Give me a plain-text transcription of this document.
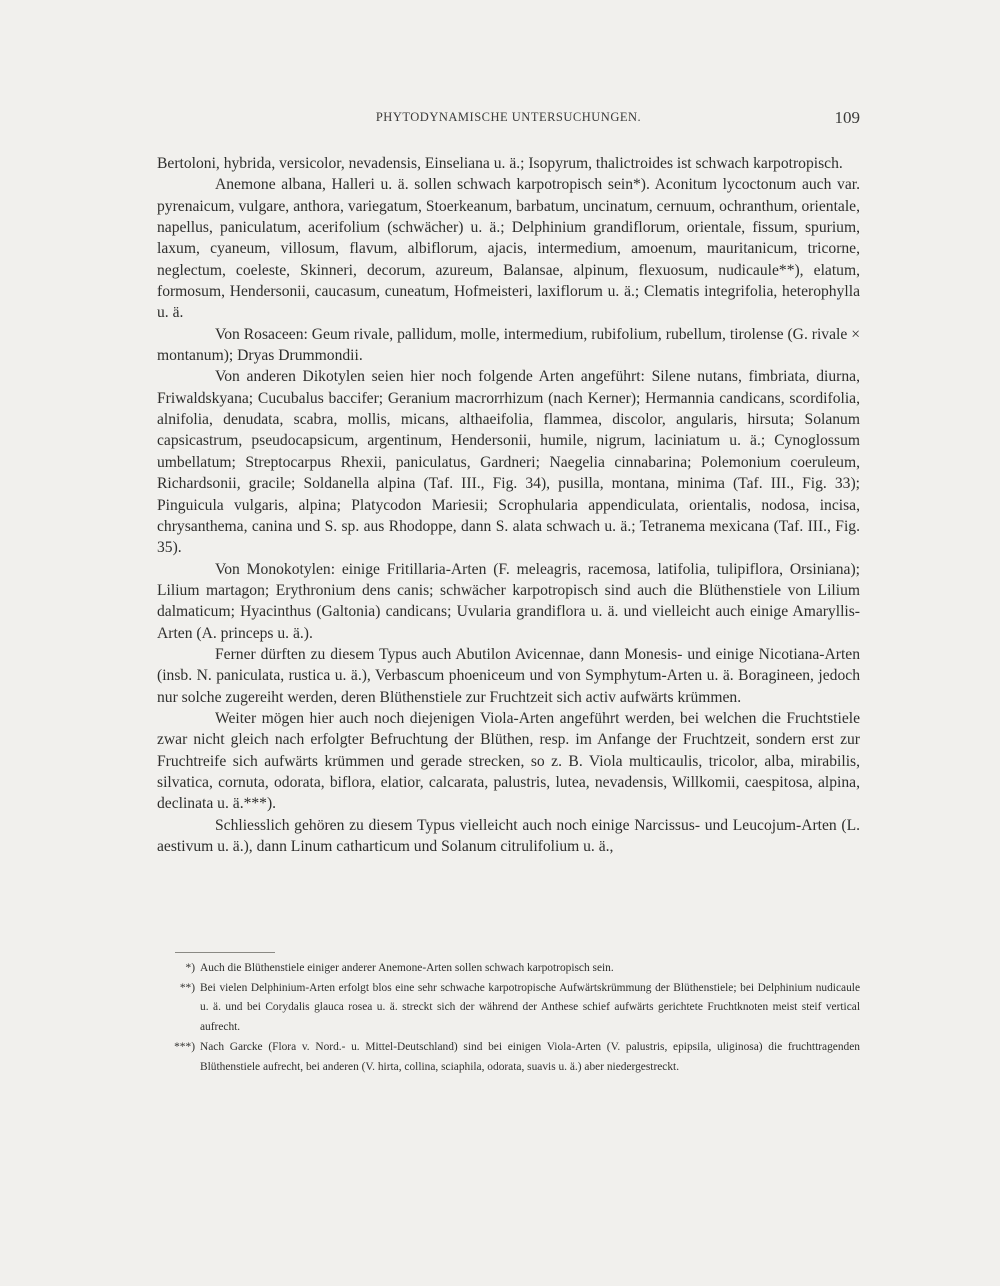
PHYTODYNAMISCHE UNTERSUCHUNGEN.	109

Bertoloni, hybrida, versicolor, nevadensis, Einseliana u. ä.; Isopyrum, thalictroides ist schwach karpotropisch.

Anemone albana, Halleri u. ä. sollen schwach karpotropisch sein*). Aconitum lycoctonum auch var. pyrenaicum, vulgare, anthora, variegatum, Stoerkeanum, barbatum, uncinatum, cernuum, ochranthum, orientale, napellus, paniculatum, acerifolium (schwächer) u. ä.; Delphinium grandiflorum, orientale, fissum, spurium, laxum, cyaneum, villosum, flavum, albiflorum, ajacis, intermedium, amoenum, mauritanicum, tricorne, neglectum, coeleste, Skinneri, decorum, azureum, Balansae, alpinum, flexuosum, nudicaule**), elatum, formosum, Hendersonii, caucasum, cuneatum, Hofmeisteri, laxiflorum u. ä.; Clematis integrifolia, heterophylla u. ä.

Von Rosaceen: Geum rivale, pallidum, molle, intermedium, rubifolium, rubellum, tirolense (G. rivale × montanum); Dryas Drummondii.

Von anderen Dikotylen seien hier noch folgende Arten angeführt: Silene nutans, fimbriata, diurna, Friwaldskyana; Cucubalus baccifer; Geranium macrorrhizum (nach Kerner); Hermannia candicans, scordifolia, alnifolia, denudata, scabra, mollis, micans, althaeifolia, flammea, discolor, angularis, hirsuta; Solanum capsicastrum, pseudocapsicum, argentinum, Hendersonii, humile, nigrum, laciniatum u. ä.; Cynoglossum umbellatum; Streptocarpus Rhexii, paniculatus, Gardneri; Naegelia cinnabarina; Polemonium coeruleum, Richardsonii, gracile; Soldanella alpina (Taf. III., Fig. 34), pusilla, montana, minima (Taf. III., Fig. 33); Pinguicula vulgaris, alpina; Platycodon Mariesii; Scrophularia appendiculata, orientalis, nodosa, incisa, chrysanthema, canina und S. sp. aus Rhodoppe, dann S. alata schwach u. ä.; Tetranema mexicana (Taf. III., Fig. 35).

Von Monokotylen: einige Fritillaria-Arten (F. meleagris, racemosa, latifolia, tulipiflora, Orsiniana); Lilium martagon; Erythronium dens canis; schwächer karpotropisch sind auch die Blüthenstiele von Lilium dalmaticum; Hyacinthus (Galtonia) candicans; Uvularia grandiflora u. ä. und vielleicht auch einige Amaryllis-Arten (A. princeps u. ä.).

Ferner dürften zu diesem Typus auch Abutilon Avicennae, dann Monesis- und einige Nicotiana-Arten (insb. N. paniculata, rustica u. ä.), Verbascum phoeniceum und von Symphytum-Arten u. ä. Boragineen, jedoch nur solche zugereiht werden, deren Blüthenstiele zur Fruchtzeit sich activ aufwärts krümmen.

Weiter mögen hier auch noch diejenigen Viola-Arten angeführt werden, bei welchen die Fruchtstiele zwar nicht gleich nach erfolgter Befruchtung der Blüthen, resp. im Anfange der Fruchtzeit, sondern erst zur Fruchtreife sich aufwärts krümmen und gerade strecken, so z. B. Viola multicaulis, tricolor, alba, mirabilis, silvatica, cornuta, odorata, biflora, elatior, calcarata, palustris, lutea, nevadensis, Willkomii, caespitosa, alpina, declinata u. ä.***).

Schliesslich gehören zu diesem Typus vielleicht auch noch einige Narcissus- und Leucojum-Arten (L. aestivum u. ä.), dann Linum catharticum und Solanum citrulifolium u. ä.,

*) Auch die Blüthenstiele einiger anderer Anemone-Arten sollen schwach karpotropisch sein.
**) Bei vielen Delphinium-Arten erfolgt blos eine sehr schwache karpotropische Aufwärtskrümmung der Blüthenstiele; bei Delphinium nudicaule u. ä. und bei Corydalis glauca rosea u. ä. streckt sich der während der Anthese schief aufwärts gerichtete Fruchtknoten meist steif vertical aufrecht.
***) Nach Garcke (Flora v. Nord.- u. Mittel-Deutschland) sind bei einigen Viola-Arten (V. palustris, epipsila, uliginosa) die fruchttragenden Blüthenstiele aufrecht, bei anderen (V. hirta, collina, sciaphila, odorata, suavis u. ä.) aber niedergestreckt.
